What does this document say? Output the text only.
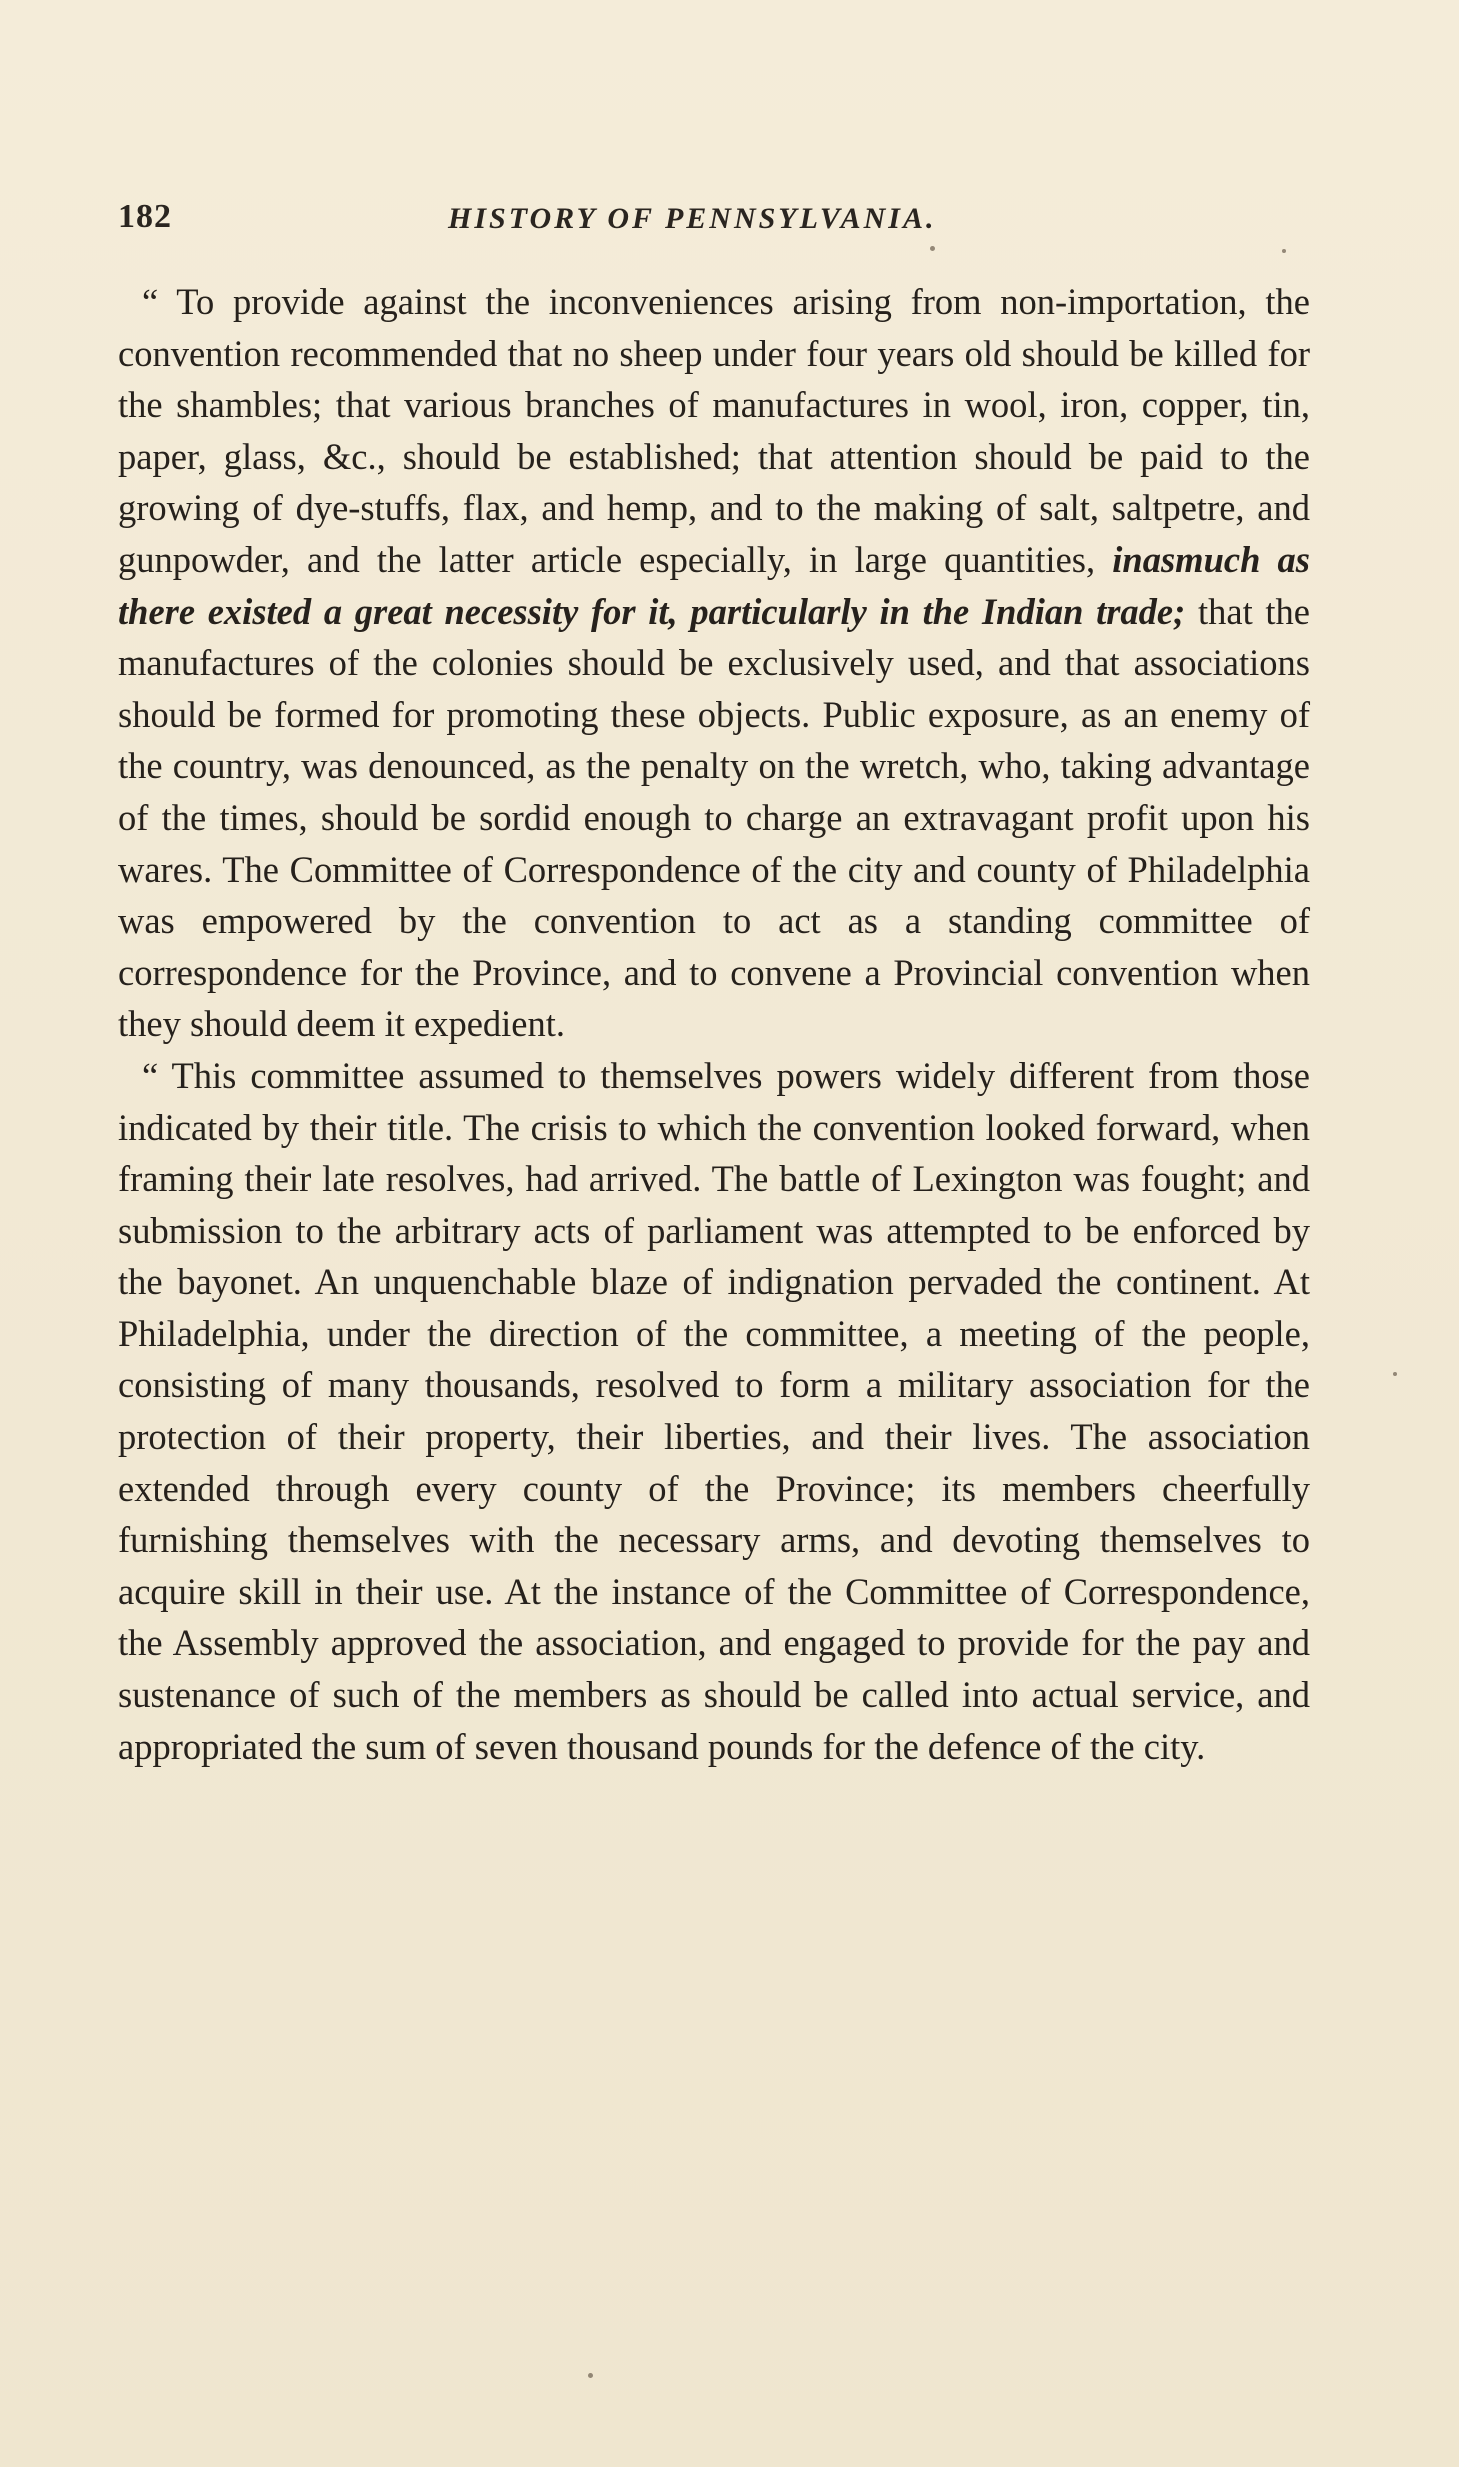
182	HISTORY OF PENNSYLVANIA.

“ To provide against the inconveniences arising from non-importation, the convention recommended that no sheep under four years old should be killed for the shambles; that various branches of manufactures in wool, iron, copper, tin, paper, glass, &c., should be established; that attention should be paid to the growing of dye-stuffs, flax, and hemp, and to the making of salt, saltpetre, and gunpowder, and the latter article especially, in large quantities, inasmuch as there existed a great necessity for it, particularly in the Indian trade; that the manufactures of the colonies should be exclusively used, and that associations should be formed for promoting these objects. Public exposure, as an enemy of the country, was denounced, as the penalty on the wretch, who, taking advantage of the times, should be sordid enough to charge an extravagant profit upon his wares. The Committee of Correspondence of the city and county of Philadelphia was empowered by the convention to act as a standing committee of correspondence for the Province, and to convene a Provincial convention when they should deem it expedient.

“ This committee assumed to themselves powers widely different from those indicated by their title. The crisis to which the convention looked forward, when framing their late resolves, had arrived. The battle of Lexington was fought; and submission to the arbitrary acts of parliament was attempted to be enforced by the bayonet. An unquenchable blaze of indignation pervaded the continent. At Philadelphia, under the direction of the committee, a meeting of the people, consisting of many thousands, resolved to form a military association for the protection of their property, their liberties, and their lives. The association extended through every county of the Province; its members cheerfully furnishing themselves with the necessary arms, and devoting themselves to acquire skill in their use. At the instance of the Committee of Correspondence, the Assembly approved the association, and engaged to provide for the pay and sustenance of such of the members as should be called into actual service, and appropriated the sum of seven thousand pounds for the defence of the city.
